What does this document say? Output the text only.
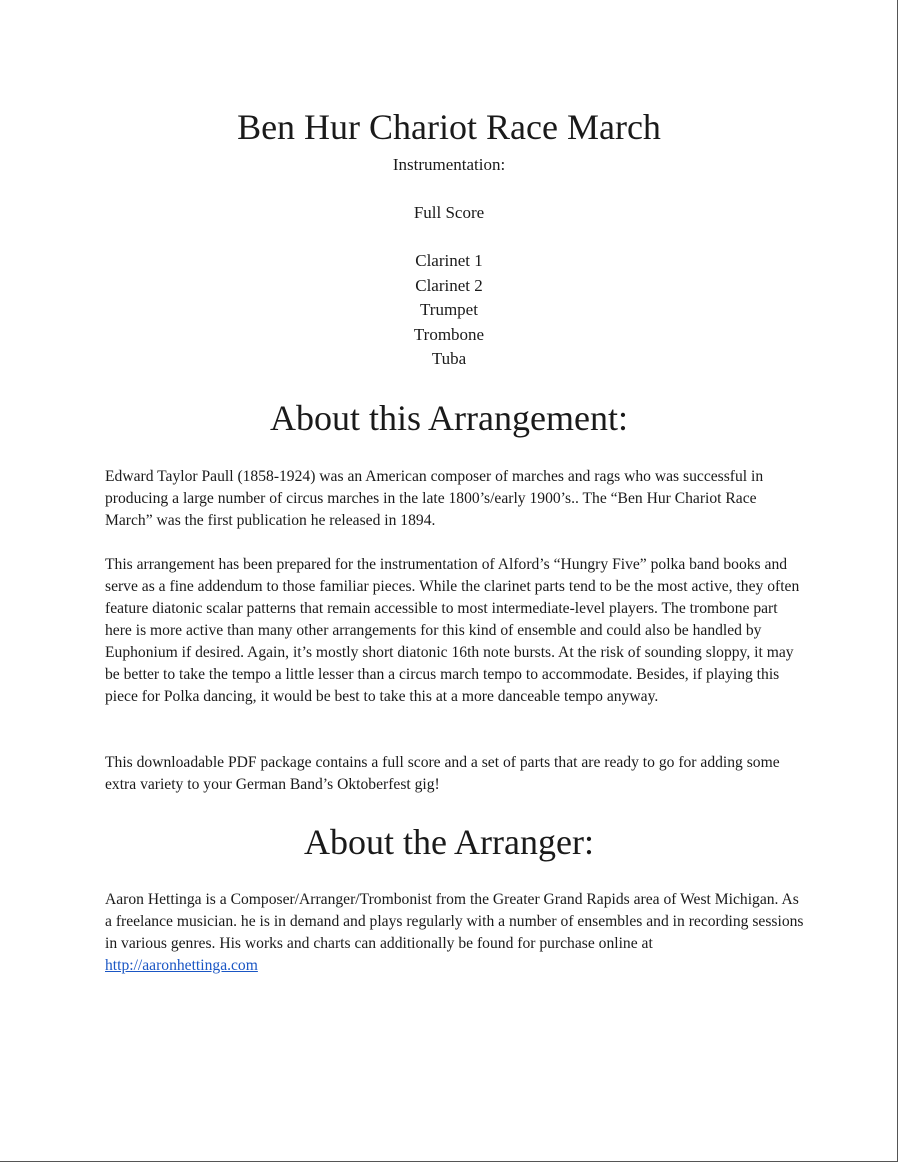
Ben Hur Chariot Race March
Instrumentation:
Full Score
Clarinet 1
Clarinet 2
Trumpet
Trombone
Tuba
About this Arrangement:

Edward Taylor Paull (1858-1924) was an American composer of marches and rags who was successful in producing a large number of circus marches in the late 1800’s/early 1900’s.. The “Ben Hur Chariot Race March” was the first publication he released in 1894.

This arrangement has been prepared for the instrumentation of Alford’s “Hungry Five” polka band books and serve as a fine addendum to those familiar pieces. While the clarinet parts tend to be the most active, they often feature diatonic scalar patterns that remain accessible to most intermediate-level players. The trombone part here is more active than many other arrangements for this kind of ensemble and could also be handled by Euphonium if desired. Again, it’s mostly short diatonic 16th note bursts. At the risk of sounding sloppy, it may be better to take the tempo a little lesser than a circus march tempo to accommodate. Besides, if playing this piece for Polka dancing, it would be best to take this at a more danceable tempo anyway.

This downloadable PDF package contains a full score and a set of parts that are ready to go for adding some extra variety to your German Band’s Oktoberfest gig!

About the Arranger:

Aaron Hettinga is a Composer/Arranger/Trombonist from the Greater Grand Rapids area of West Michigan. As a freelance musician. he is in demand and plays regularly with a number of ensembles and in recording sessions in various genres. His works and charts can additionally be found for purchase online at http://aaronhettinga.com
